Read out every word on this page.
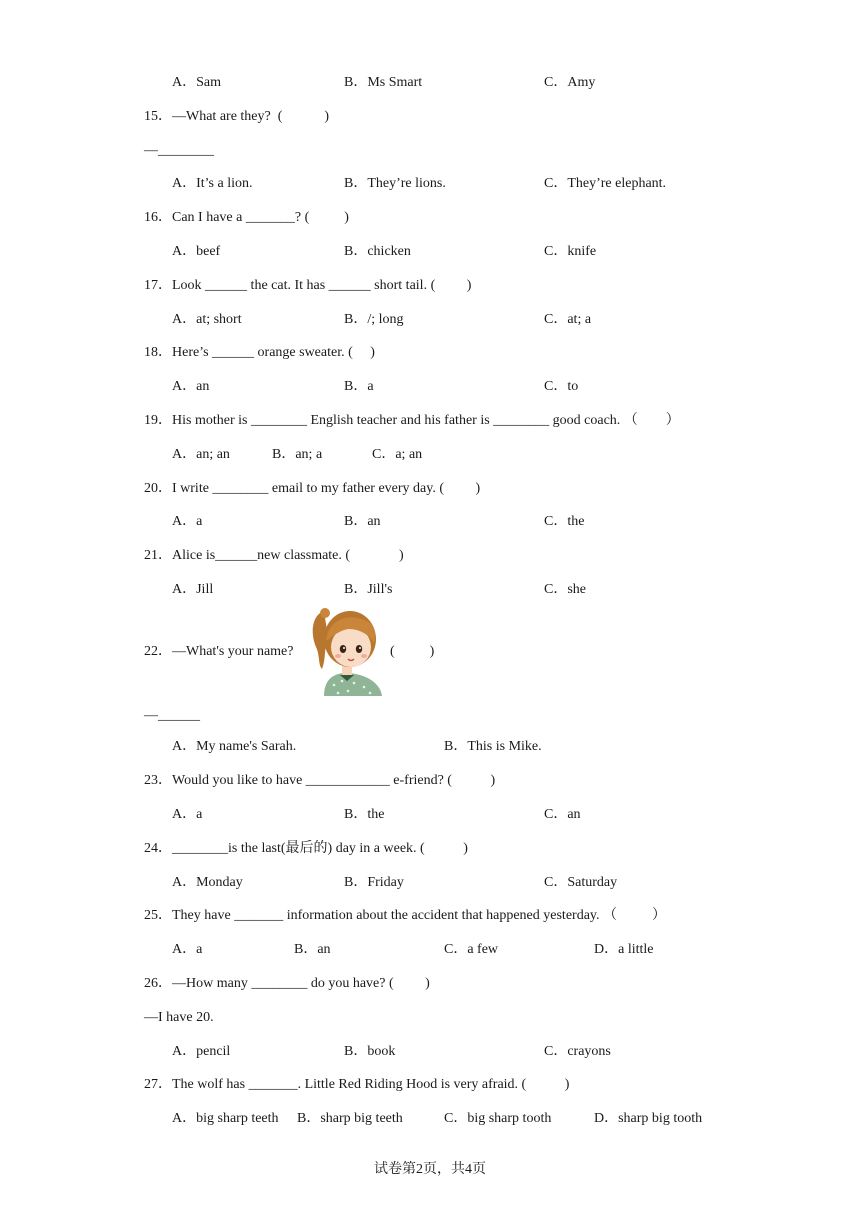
A．Sam	B．Ms Smart	C．Amy
15．—What are they?  (            )
—________
A．It’s a lion.	B．They’re lions.	C．They’re elephant.
16．Can I have a _______? (          )
A．beef	B．chicken	C．knife
17．Look ______ the cat. It has ______ short tail. (         )
A．at; short	B．/; long	C．at; a
18．Here’s ______ orange sweater. (     )
A．an	B．a	C．to
19．His mother is ________ English teacher and his father is ________ good coach. （        ）
A．an; an	B．an; a	C．a; an
20．I write ________ email to my father every day. (         )
A．a	B．an	C．the
21．Alice is______new classmate. (              )
A．Jill	B．Jill's	C．she
22．—What's your name?	(          )
—______
A．My name's Sarah.	B．This is Mike.
23．Would you like to have ____________ e-friend? (           )
A．a	B．the	C．an
24．________is the last(最后的) day in a week. (           )
A．Monday	B．Friday	C．Saturday
25．They have _______ information about the accident that happened yesterday. （          ）
A．a	B．an	C．a few	D．a little
26．—How many ________ do you have? (         )
—I have 20.
A．pencil	B．book	C．crayons
27．The wolf has _______. Little Red Riding Hood is very afraid. (           )
A．big sharp teeth B．sharp big teeth	C．big sharp tooth	D．sharp big tooth
试卷第2页，共4页
